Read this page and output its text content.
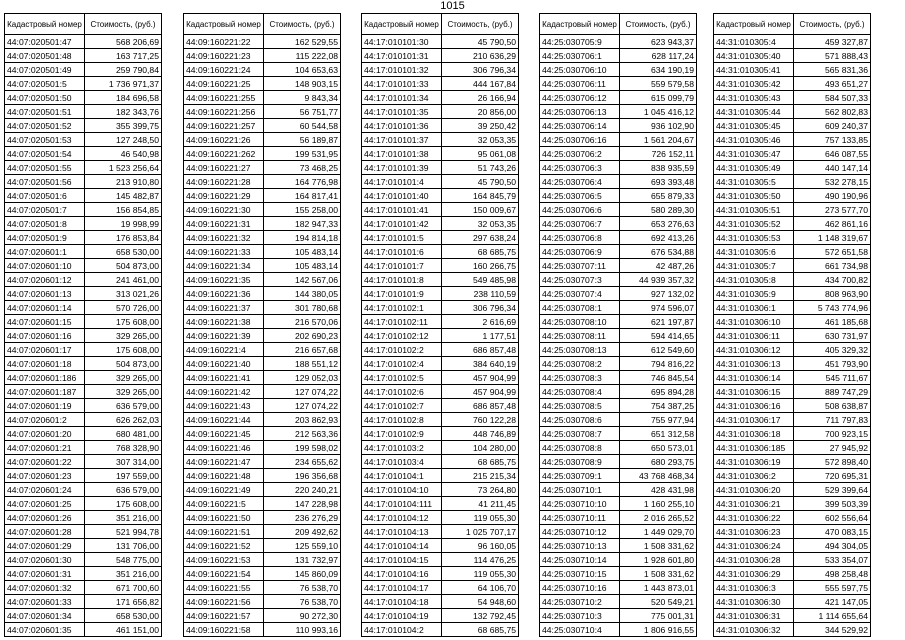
1015
Кадастровый номер	Стоимость, (руб.)
44:07:020501:47	568 206,69
44:07:020501:48	163 717,25
44:07:020501:49	259 790,84
44:07:020501:5	1 736 971,37
44:07:020501:50	184 696,58
44:07:020501:51	182 343,76
44:07:020501:52	355 399,75
44:07:020501:53	127 248,50
44:07:020501:54	46 540,98
44:07:020501:55	1 523 256,64
44:07:020501:56	213 910,80
44:07:020501:6	145 482,87
44:07:020501:7	156 854,85
44:07:020501:8	19 998,99
44:07:020501:9	176 853,84
44:07:020601:1	658 530,00
44:07:020601:10	504 873,00
44:07:020601:12	241 461,00
44:07:020601:13	313 021,26
44:07:020601:14	570 726,00
44:07:020601:15	175 608,00
44:07:020601:16	329 265,00
44:07:020601:17	175 608,00
44:07:020601:18	504 873,00
44:07:020601:186	329 265,00
44:07:020601:187	329 265,00
44:07:020601:19	636 579,00
44:07:020601:2	626 262,03
44:07:020601:20	680 481,00
44:07:020601:21	768 328,90
44:07:020601:22	307 314,00
44:07:020601:23	197 559,00
44:07:020601:24	636 579,00
44:07:020601:25	175 608,00
44:07:020601:26	351 216,00
44:07:020601:28	521 994,78
44:07:020601:29	131 706,00
44:07:020601:30	548 775,00
44:07:020601:31	351 216,00
44:07:020601:32	671 700,60
44:07:020601:33	171 656,82
44:07:020601:34	658 530,00
44:07:020601:35	461 151,00
Кадастровый номер	Стоимость, (руб.)
44:09:160221:22	162 529,55
44:09:160221:23	115 222,08
44:09:160221:24	104 653,63
44:09:160221:25	148 903,15
44:09:160221:255	9 843,34
44:09:160221:256	56 751,77
44:09:160221:257	60 544,58
44:09:160221:26	56 189,87
44:09:160221:262	199 531,95
44:09:160221:27	73 468,25
44:09:160221:28	164 776,98
44:09:160221:29	164 817,41
44:09:160221:30	155 258,00
44:09:160221:31	182 947,33
44:09:160221:32	194 814,18
44:09:160221:33	105 483,14
44:09:160221:34	105 483,14
44:09:160221:35	142 567,06
44:09:160221:36	144 380,05
44:09:160221:37	301 780,68
44:09:160221:38	216 570,06
44:09:160221:39	202 690,23
44:09:160221:4	216 657,68
44:09:160221:40	188 551,12
44:09:160221:41	129 052,03
44:09:160221:42	127 074,22
44:09:160221:43	127 074,22
44:09:160221:44	203 862,93
44:09:160221:45	212 563,36
44:09:160221:46	199 598,02
44:09:160221:47	234 655,62
44:09:160221:48	196 356,68
44:09:160221:49	220 240,21
44:09:160221:5	147 228,98
44:09:160221:50	236 276,29
44:09:160221:51	209 492,62
44:09:160221:52	125 559,10
44:09:160221:53	131 732,97
44:09:160221:54	145 860,09
44:09:160221:55	76 538,70
44:09:160221:56	76 538,70
44:09:160221:57	90 272,30
44:09:160221:58	110 993,16
Кадастровый номер	Стоимость, (руб.)
44:17:010101:30	45 790,50
44:17:010101:31	210 636,29
44:17:010101:32	306 796,34
44:17:010101:33	444 167,84
44:17:010101:34	26 166,94
44:17:010101:35	20 856,00
44:17:010101:36	39 250,42
44:17:010101:37	32 053,35
44:17:010101:38	95 061,08
44:17:010101:39	51 743,26
44:17:010101:4	45 790,50
44:17:010101:40	164 845,79
44:17:010101:41	150 009,67
44:17:010101:42	32 053,35
44:17:010101:5	297 638,24
44:17:010101:6	68 685,75
44:17:010101:7	160 266,75
44:17:010101:8	549 485,98
44:17:010101:9	238 110,59
44:17:010102:1	306 796,34
44:17:010102:11	2 616,69
44:17:010102:12	1 177,51
44:17:010102:2	686 857,48
44:17:010102:4	384 640,19
44:17:010102:5	457 904,99
44:17:010102:6	457 904,99
44:17:010102:7	686 857,48
44:17:010102:8	760 122,28
44:17:010102:9	448 746,89
44:17:010103:2	104 280,00
44:17:010103:4	68 685,75
44:17:010104:1	215 215,34
44:17:010104:10	73 264,80
44:17:010104:111	41 211,45
44:17:010104:12	119 055,30
44:17:010104:13	1 025 707,17
44:17:010104:14	96 160,05
44:17:010104:15	114 476,25
44:17:010104:16	119 055,30
44:17:010104:17	64 106,70
44:17:010104:18	54 948,60
44:17:010104:19	132 792,45
44:17:010104:2	68 685,75
Кадастровый номер	Стоимость, (руб.)
44:25:030705:9	623 943,37
44:25:030706:1	628 117,24
44:25:030706:10	634 190,19
44:25:030706:11	559 579,58
44:25:030706:12	615 099,79
44:25:030706:13	1 045 416,12
44:25:030706:14	936 102,90
44:25:030706:16	1 561 204,67
44:25:030706:2	726 152,11
44:25:030706:3	838 935,59
44:25:030706:4	693 393,48
44:25:030706:5	655 879,33
44:25:030706:6	580 289,30
44:25:030706:7	653 276,63
44:25:030706:8	692 413,26
44:25:030706:9	676 534,88
44:25:030707:11	42 487,26
44:25:030707:3	44 939 357,32
44:25:030707:4	927 132,02
44:25:030708:1	974 596,07
44:25:030708:10	621 197,87
44:25:030708:11	594 414,65
44:25:030708:13	612 549,60
44:25:030708:2	794 816,22
44:25:030708:3	746 845,54
44:25:030708:4	695 894,28
44:25:030708:5	754 387,25
44:25:030708:6	755 977,94
44:25:030708:7	651 312,58
44:25:030708:8	650 573,01
44:25:030708:9	680 293,75
44:25:030709:1	43 768 468,34
44:25:030710:1	428 431,98
44:25:030710:10	1 160 255,10
44:25:030710:11	2 016 265,52
44:25:030710:12	1 449 029,70
44:25:030710:13	1 508 331,62
44:25:030710:14	1 928 601,80
44:25:030710:15	1 508 331,62
44:25:030710:16	1 443 873,01
44:25:030710:2	520 549,21
44:25:030710:3	775 001,31
44:25:030710:4	1 806 916,55
Кадастровый номер	Стоимость, (руб.)
44:31:010305:4	459 327,87
44:31:010305:40	571 888,43
44:31:010305:41	565 831,36
44:31:010305:42	493 651,27
44:31:010305:43	584 507,33
44:31:010305:44	562 802,83
44:31:010305:45	609 240,37
44:31:010305:46	757 133,85
44:31:010305:47	646 087,55
44:31:010305:49	440 147,14
44:31:010305:5	532 278,15
44:31:010305:50	490 190,96
44:31:010305:51	273 577,70
44:31:010305:52	462 861,16
44:31:010305:53	1 148 319,67
44:31:010305:6	572 651,58
44:31:010305:7	661 734,98
44:31:010305:8	434 700,82
44:31:010305:9	808 963,90
44:31:010306:1	5 743 774,96
44:31:010306:10	461 185,68
44:31:010306:11	630 731,97
44:31:010306:12	405 329,32
44:31:010306:13	451 793,90
44:31:010306:14	545 711,67
44:31:010306:15	889 747,29
44:31:010306:16	508 638,87
44:31:010306:17	711 797,83
44:31:010306:18	700 923,15
44:31:010306:185	27 945,92
44:31:010306:19	572 898,40
44:31:010306:2	720 695,31
44:31:010306:20	529 399,64
44:31:010306:21	399 503,39
44:31:010306:22	602 556,64
44:31:010306:23	470 083,15
44:31:010306:24	494 304,05
44:31:010306:28	533 354,07
44:31:010306:29	498 258,48
44:31:010306:3	555 597,75
44:31:010306:30	421 147,05
44:31:010306:31	1 114 655,64
44:31:010306:32	344 529,92
